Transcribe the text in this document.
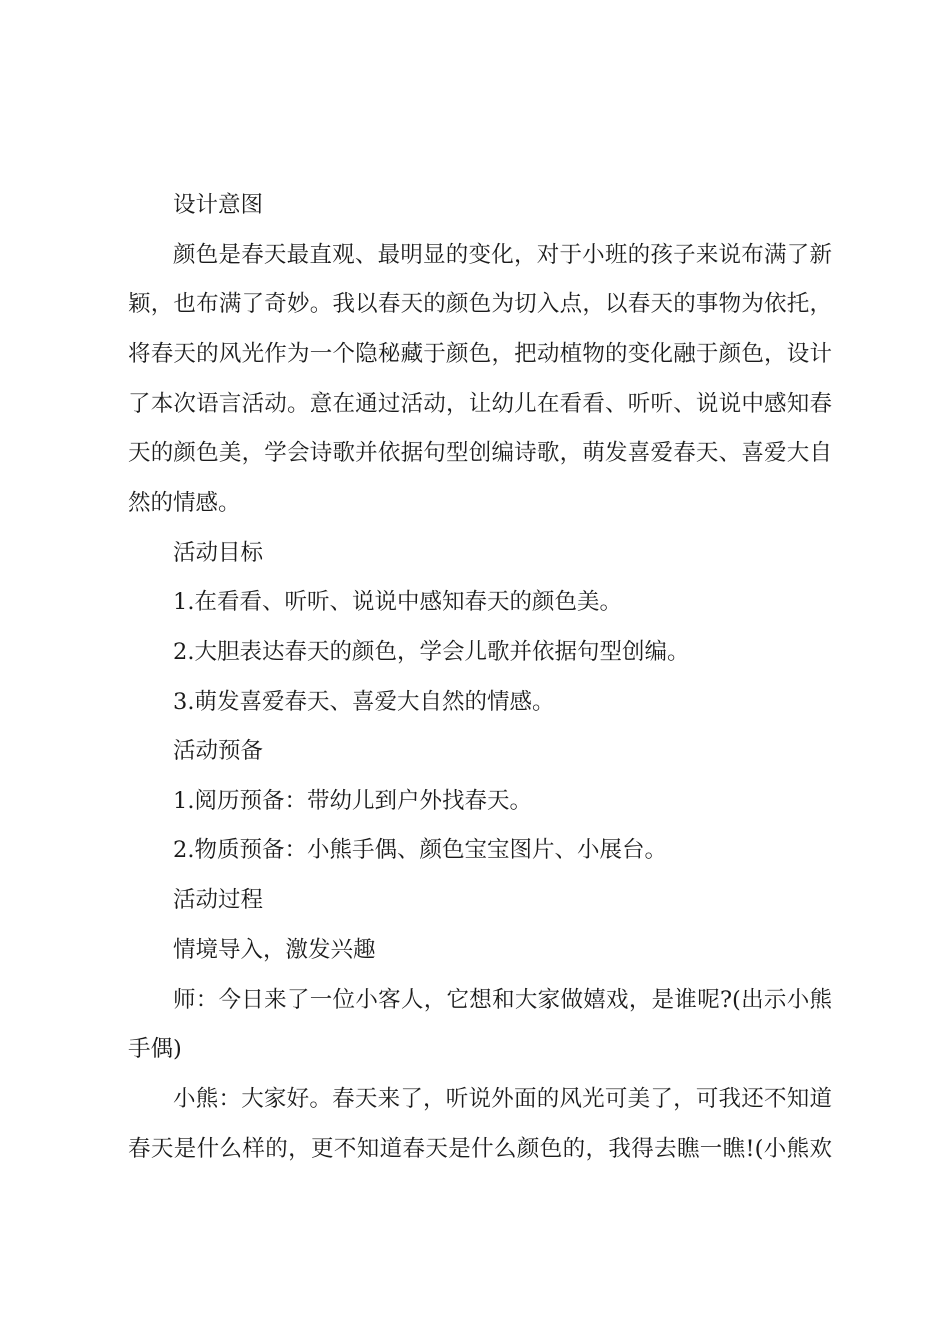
设计意图
颜色是春天最直观、最明显的变化，对于小班的孩子来说布满了新
颖，也布满了奇妙。我以春天的颜色为切入点，以春天的事物为依托，
将春天的风光作为一个隐秘藏于颜色，把动植物的变化融于颜色，设计
了本次语言活动。意在通过活动，让幼儿在看看、听听、说说中感知春
天的颜色美，学会诗歌并依据句型创编诗歌，萌发喜爱春天、喜爱大自
然的情感。
活动目标
1.在看看、听听、说说中感知春天的颜色美。
2.大胆表达春天的颜色，学会儿歌并依据句型创编。
3.萌发喜爱春天、喜爱大自然的情感。
活动预备
1.阅历预备：带幼儿到户外找春天。
2.物质预备：小熊手偶、颜色宝宝图片、小展台。
活动过程
情境导入，激发兴趣
师：今日来了一位小客人，它想和大家做嬉戏，是谁呢?(出示小熊
手偶)
小熊：大家好。春天来了，听说外面的风光可美了，可我还不知道
春天是什么样的，更不知道春天是什么颜色的，我得去瞧一瞧!(小熊欢
